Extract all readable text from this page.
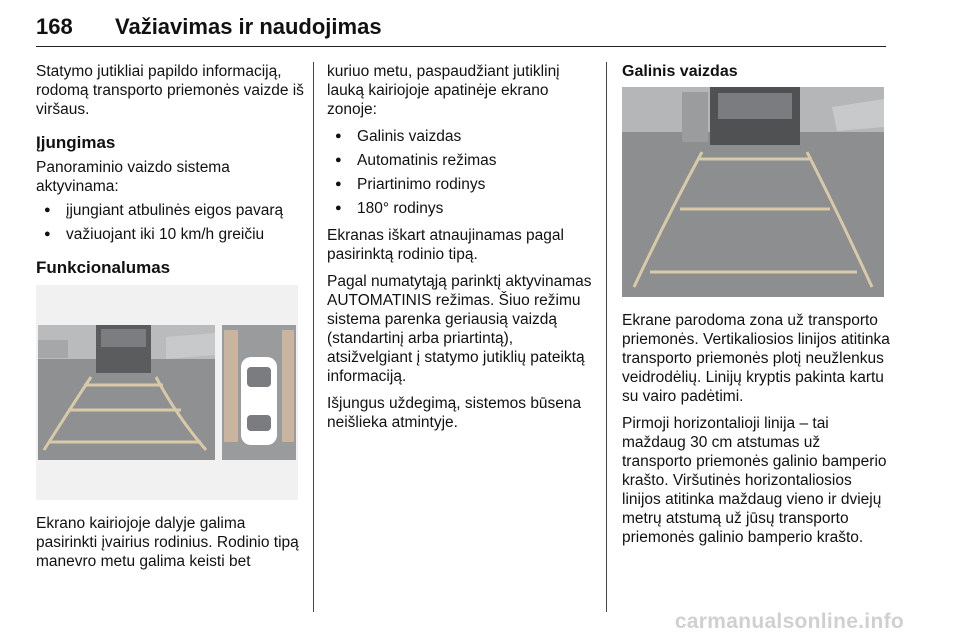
168 Važiavimas ir naudojimas

Statymo jutikliai papildo informaciją, rodomą transporto priemonės vaizde iš viršaus.

Įjungimas

Panoraminio vaizdo sistema aktyvinama:

● įjungiant atbulinės eigos pavarą
● važiuojant iki 10 km/h greičiu
Funkcionalumas

Ekrano kairiojoje dalyje galima pasirinkti įvairius rodinius. Rodinio tipą manevro metu galima keisti bet

kuriuo metu, paspaudžiant jutiklinį lauką kairiojoje apatinėje ekrano zonoje:

● Galinis vaizdas
● Automatinis režimas
● Priartinimo rodinys
● 180° rodinys

Ekranas iškart atnaujinamas pagal pasirinktą rodinio tipą.

Pagal numatytąją parinktį aktyvinamas AUTOMATINIS režimas. Šiuo režimu sistema parenka geriausią vaizdą (standartinį arba priartintą), atsižvelgiant į statymo jutiklių pateiktą informaciją.

Išjungus uždegimą, sistemos būsena neišlieka atmintyje.

Galinis vaizdas

Ekrane parodoma zona už transporto priemonės. Vertikaliosios linijos atitinka transporto priemonės plotį neužlenkus veidrodėlių. Linijų kryptis pakinta kartu su vairo padėtimi.

Pirmoji horizontalioji linija – tai maždaug 30 cm atstumas už transporto priemonės galinio bamperio krašto. Viršutinės horizontaliosios linijos atitinka maždaug vieno ir dviejų metrų atstumą už jūsų transporto priemonės galinio bamperio krašto.

carmanualsonline.info
